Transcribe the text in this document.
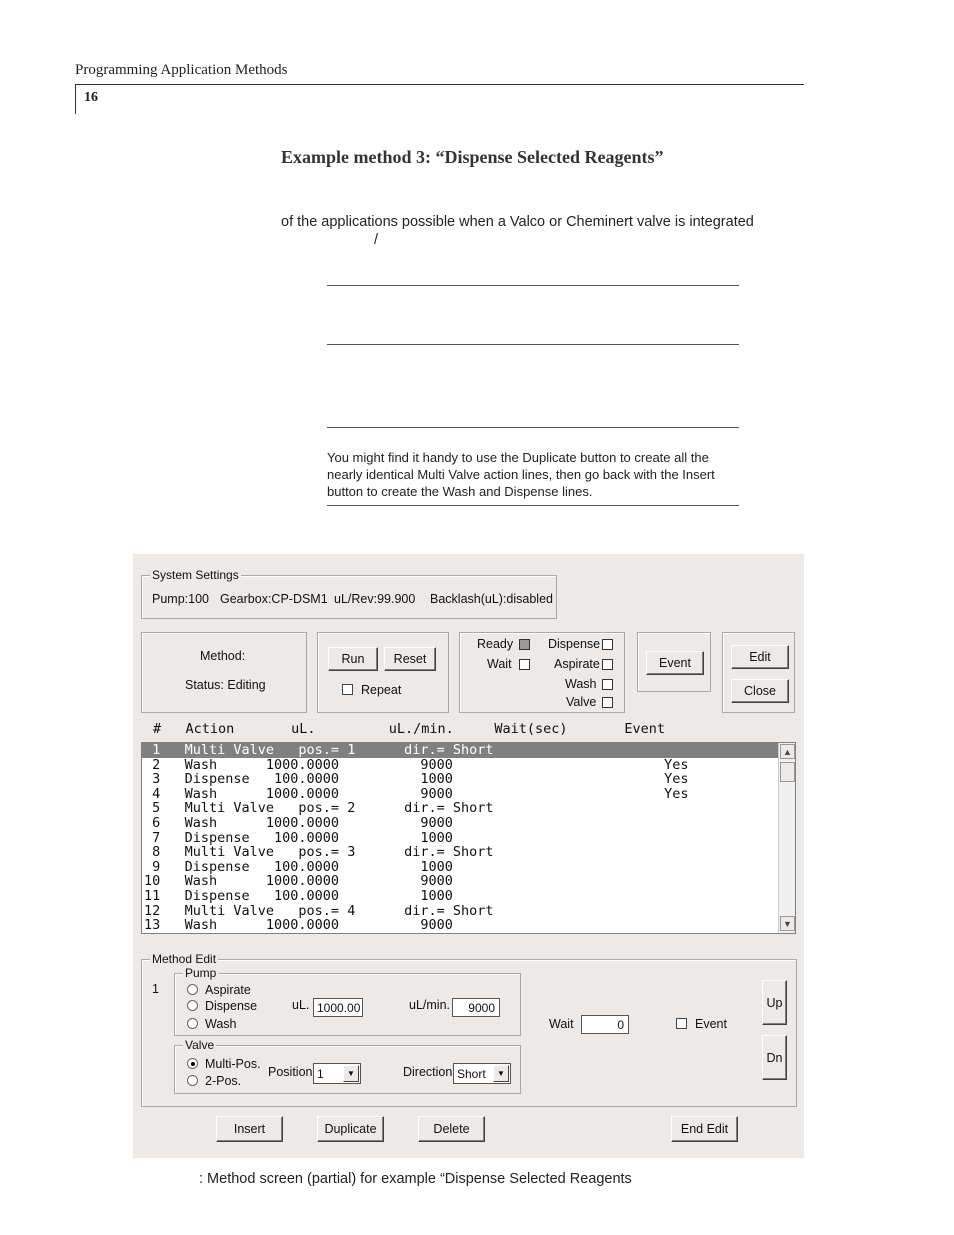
Programming Application Methods
16
Example method 3: “Dispense Selected Reagents”
of the applications possible when a Valco or Cheminert valve is integrated
/
You might find it handy to use the Duplicate button to create all the nearly identical Multi Valve action lines, then go back with the Insert button to create the Wash and Dispense lines.
System Settings
Pump:100 Gearbox:CP-DSM1 uL/Rev:99.900 Backlash(uL):disabled
Method:
Status: Editing
Run	Reset
Repeat
Ready
Wait
Dispense
Aspirate
Wash
Valve
Event	Edit
Close
#   Action       uL.         uL./min.     Wait(sec)       Event
1   Multi Valve   pos.= 1      dir.= Short
2   Wash      1000.0000          9000                          Yes
3   Dispense   100.0000          1000                          Yes
4   Wash      1000.0000          9000                          Yes
5   Multi Valve   pos.= 2      dir.= Short
6   Wash      1000.0000          9000
7   Dispense   100.0000          1000
8   Multi Valve   pos.= 3      dir.= Short
9   Dispense   100.0000          1000
10   Wash      1000.0000          9000
11   Dispense   100.0000          1000
12   Multi Valve   pos.= 4      dir.= Short
13   Wash      1000.0000          9000
▲
▼
Method Edit
1
Pump
Aspirate
Dispense
Wash
uL. 1000.00	uL/min.	9000
Valve
Multi-Pos.
2-Pos.
Position 1	▼	Direction Short	▼
Wait	0	Event
Up
Dn
Insert	Duplicate	Delete	End Edit
: Method screen (partial) for example “Dispense Selected Reagents
